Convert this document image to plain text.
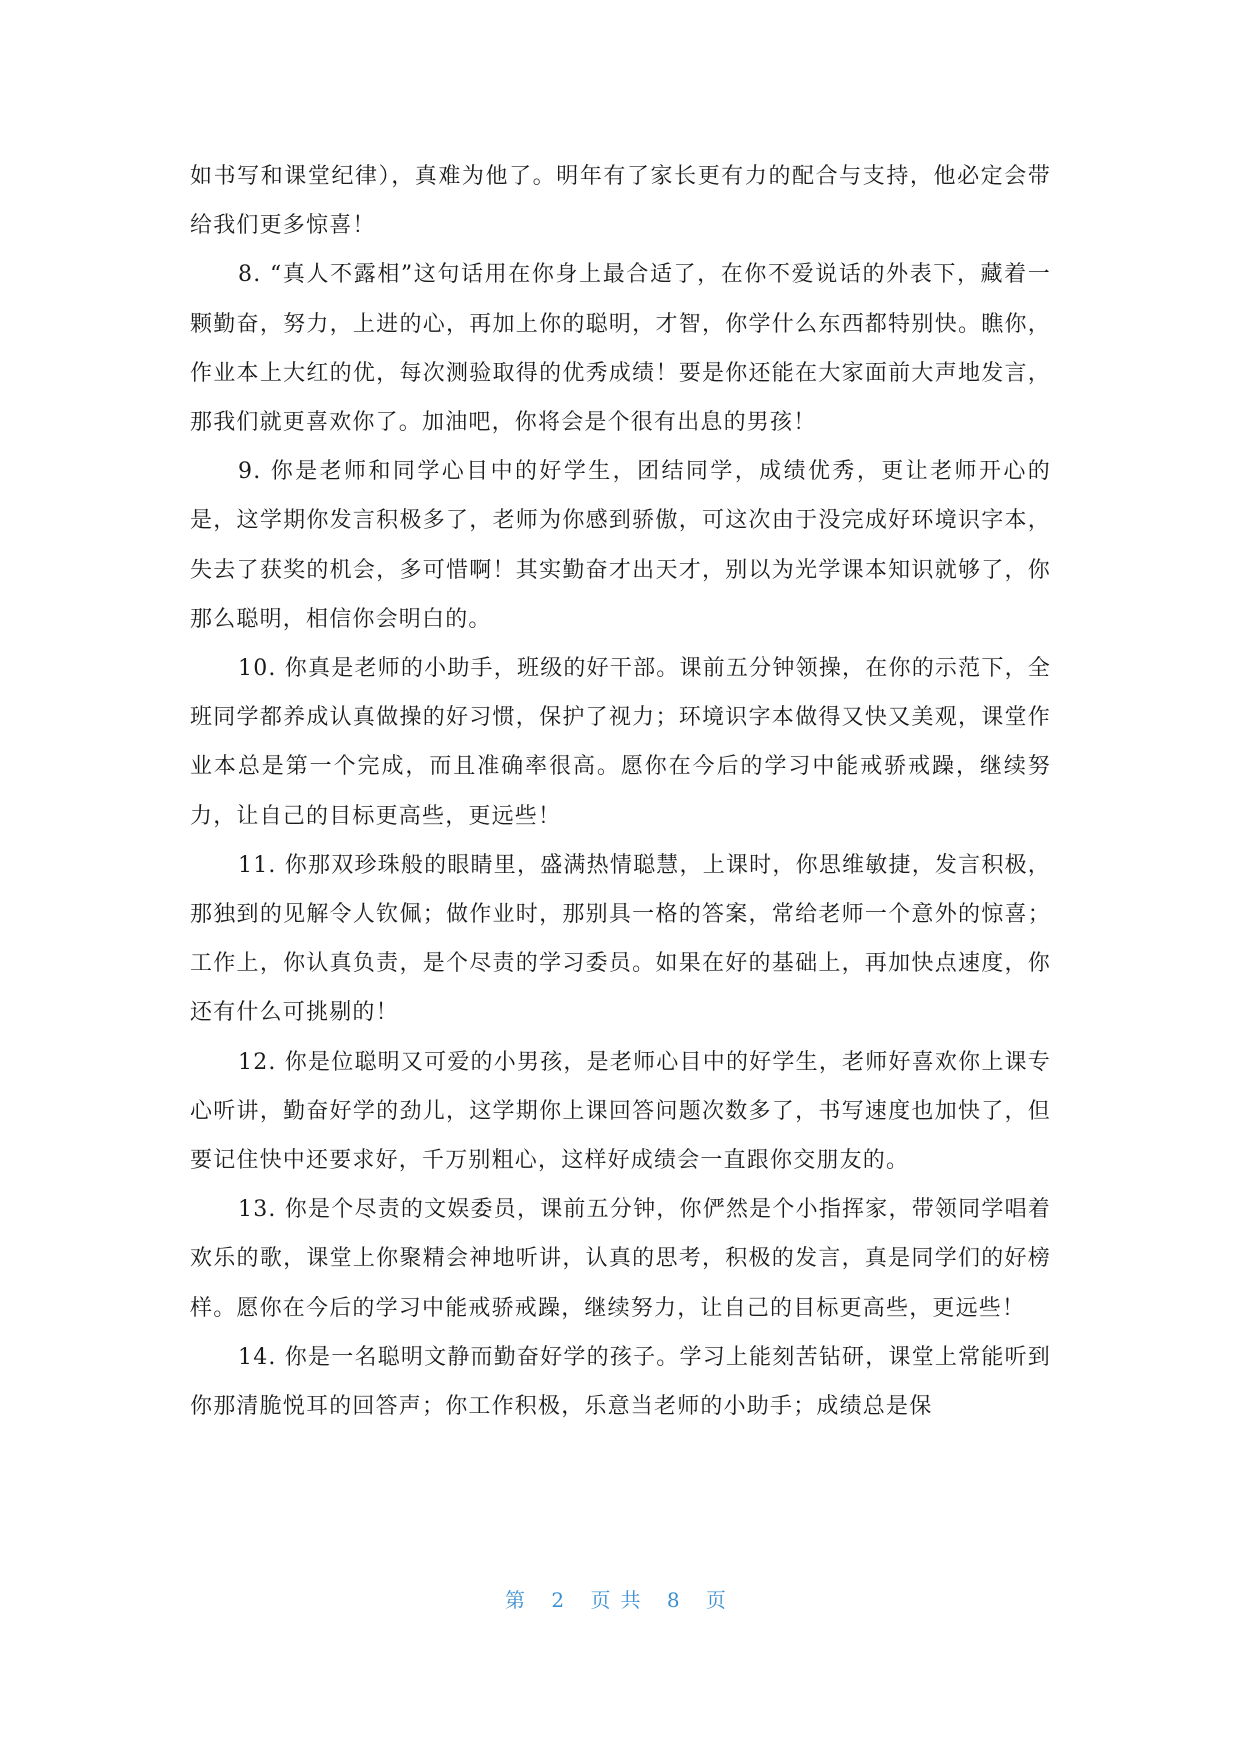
如书写和课堂纪律），真难为他了。明年有了家长更有力的配合与支持，他必定会带给我们更多惊喜！

8. “真人不露相”这句话用在你身上最合适了，在你不爱说话的外表下，藏着一颗勤奋，努力，上进的心，再加上你的聪明，才智，你学什么东西都特别快。瞧你，作业本上大红的优，每次测验取得的优秀成绩！要是你还能在大家面前大声地发言，那我们就更喜欢你了。加油吧，你将会是个很有出息的男孩！

9. 你是老师和同学心目中的好学生，团结同学，成绩优秀，更让老师开心的是，这学期你发言积极多了，老师为你感到骄傲，可这次由于没完成好环境识字本，失去了获奖的机会，多可惜啊！其实勤奋才出天才，别以为光学课本知识就够了，你那么聪明，相信你会明白的。

10. 你真是老师的小助手，班级的好干部。课前五分钟领操，在你的示范下，全班同学都养成认真做操的好习惯，保护了视力；环境识字本做得又快又美观，课堂作业本总是第一个完成，而且准确率很高。愿你在今后的学习中能戒骄戒躁，继续努力，让自己的目标更高些，更远些！

11. 你那双珍珠般的眼睛里，盛满热情聪慧，上课时，你思维敏捷，发言积极，那独到的见解令人钦佩；做作业时，那别具一格的答案，常给老师一个意外的惊喜；工作上，你认真负责，是个尽责的学习委员。如果在好的基础上，再加快点速度，你还有什么可挑剔的！

12. 你是位聪明又可爱的小男孩，是老师心目中的好学生，老师好喜欢你上课专心听讲，勤奋好学的劲儿，这学期你上课回答问题次数多了，书写速度也加快了，但要记住快中还要求好，千万别粗心，这样好成绩会一直跟你交朋友的。

13. 你是个尽责的文娱委员，课前五分钟，你俨然是个小指挥家，带领同学唱着欢乐的歌，课堂上你聚精会神地听讲，认真的思考，积极的发言，真是同学们的好榜样。愿你在今后的学习中能戒骄戒躁，继续努力，让自己的目标更高些，更远些！

14. 你是一名聪明文静而勤奋好学的孩子。学习上能刻苦钻研，课堂上常能听到你那清脆悦耳的回答声；你工作积极，乐意当老师的小助手；成绩总是保

第 2 页共 8 页
